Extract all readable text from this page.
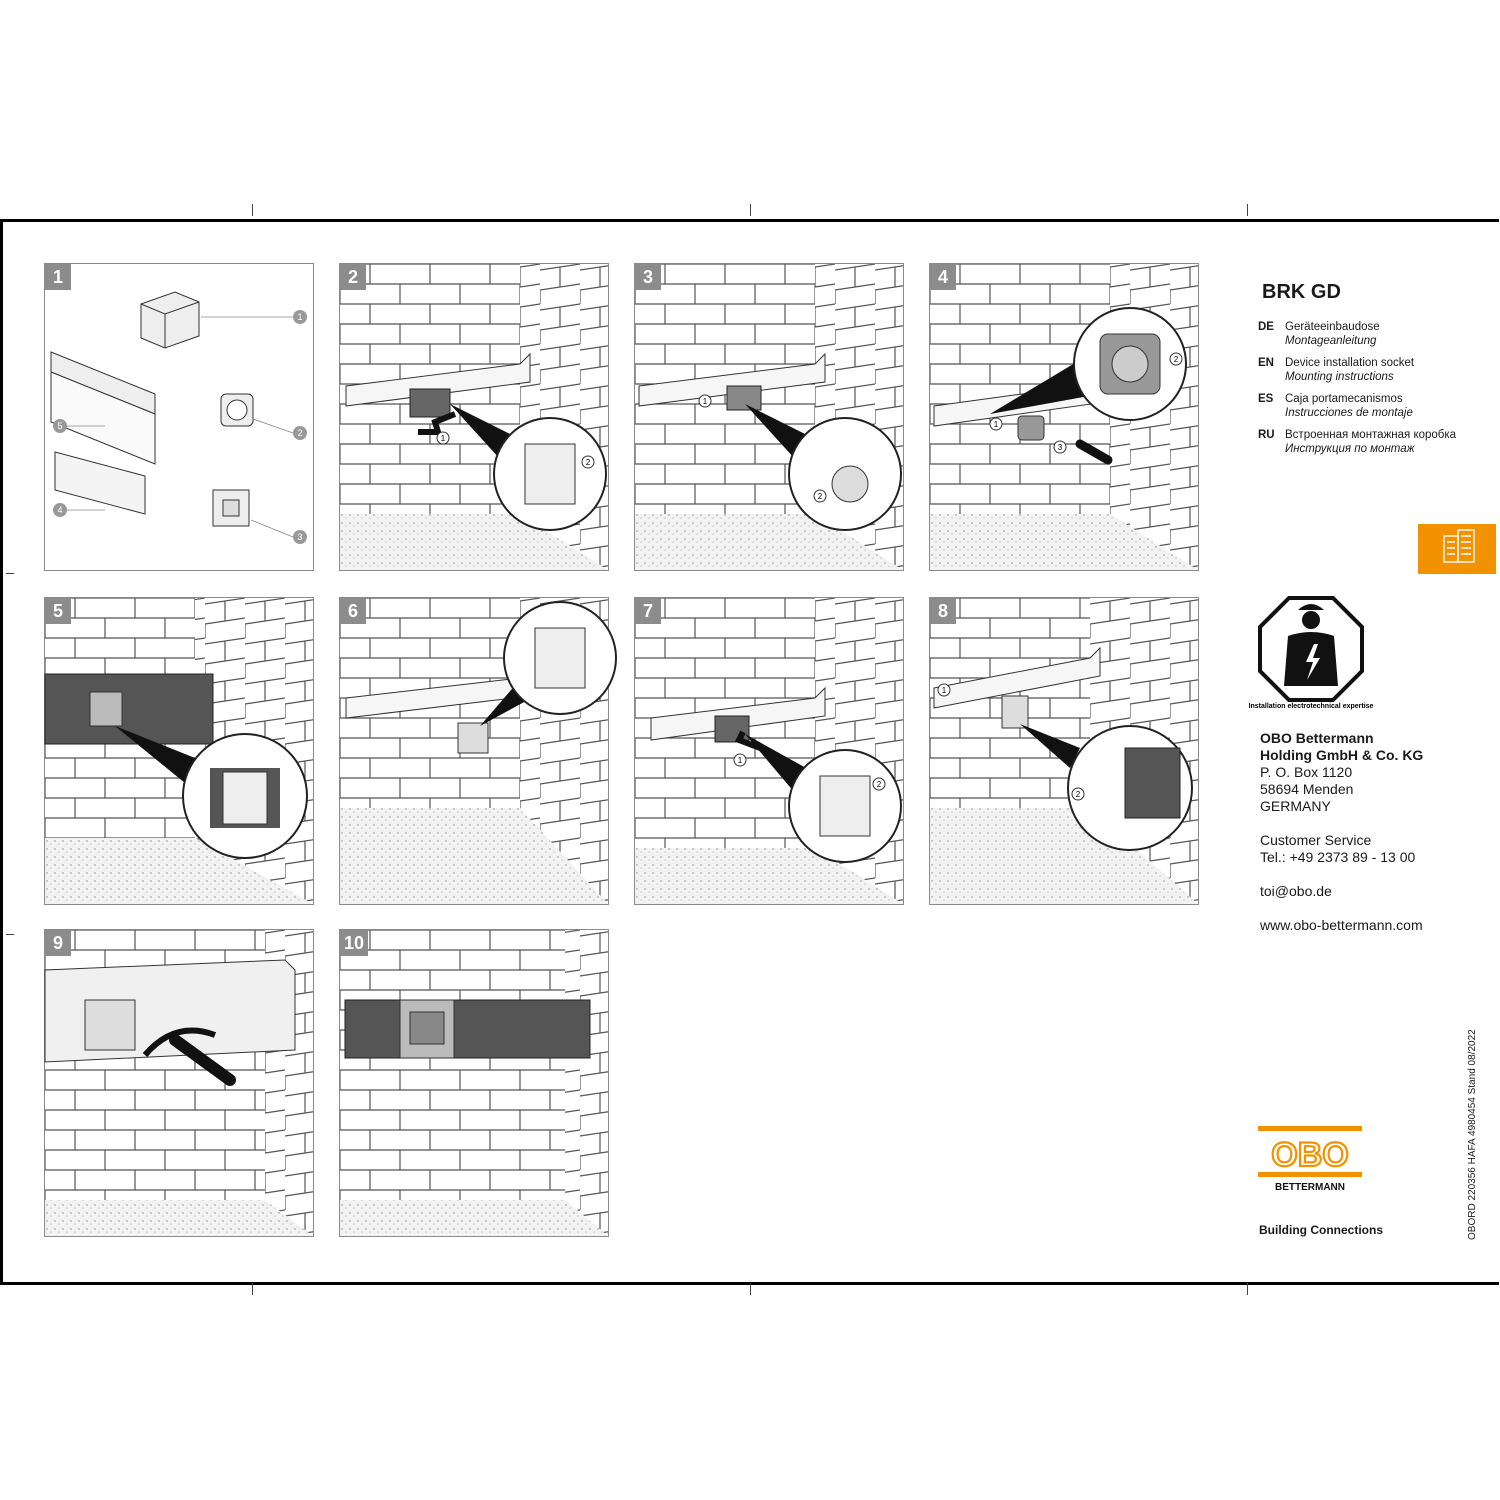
1
1
2
3
4
5
2
1
2
3
1
2
4
1
2
3
5	6	7
1
2
8
1
2
9	10
BRK GD
DE Geräteeinbaudose
Montageanleitung
EN Device installation socket
Mounting instructions
ES	Caja portamecanismos
Instrucciones de montaje
RU Встроенная монтажная коробка
Инструкция по монтаж
Installation electrotechnical expertise
OBO Bettermann
Holding GmbH & Co. KG
P. O. Box 1120
58694 Menden
GERMANY
Customer Service
Tel.: +49 2373 89 - 13 00
toi@obo.de
www.obo-bettermann.com
OBORD 220356 HAFA 4980454 Stand 08/2022
OBO
BETTERMANN
Building Connections
